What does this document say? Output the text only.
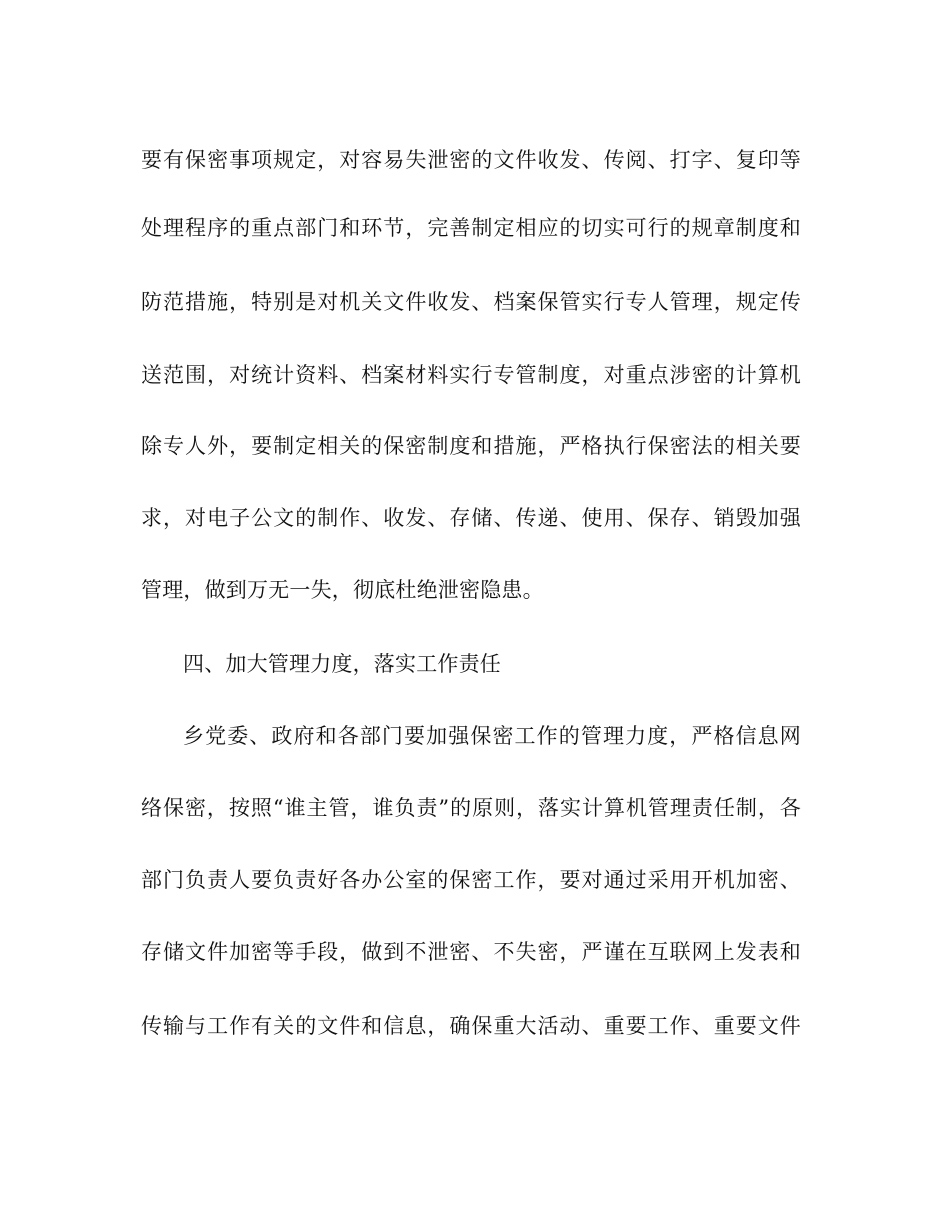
要有保密事项规定，对容易失泄密的文件收发、传阅、打字、复印等
处理程序的重点部门和环节，完善制定相应的切实可行的规章制度和
防范措施，特别是对机关文件收发、档案保管实行专人管理，规定传
送范围，对统计资料、档案材料实行专管制度，对重点涉密的计算机
除专人外，要制定相关的保密制度和措施，严格执行保密法的相关要
求，对电子公文的制作、收发、存储、传递、使用、保存、销毁加强
管理，做到万无一失，彻底杜绝泄密隐患。
四、加大管理力度，落实工作责任
乡党委、政府和各部门要加强保密工作的管理力度，严格信息网
络保密，按照“谁主管，谁负责”的原则，落实计算机管理责任制，各
部门负责人要负责好各办公室的保密工作，要对通过采用开机加密、
存储文件加密等手段，做到不泄密、不失密，严谨在互联网上发表和
传输与工作有关的文件和信息，确保重大活动、重要工作、重要文件
